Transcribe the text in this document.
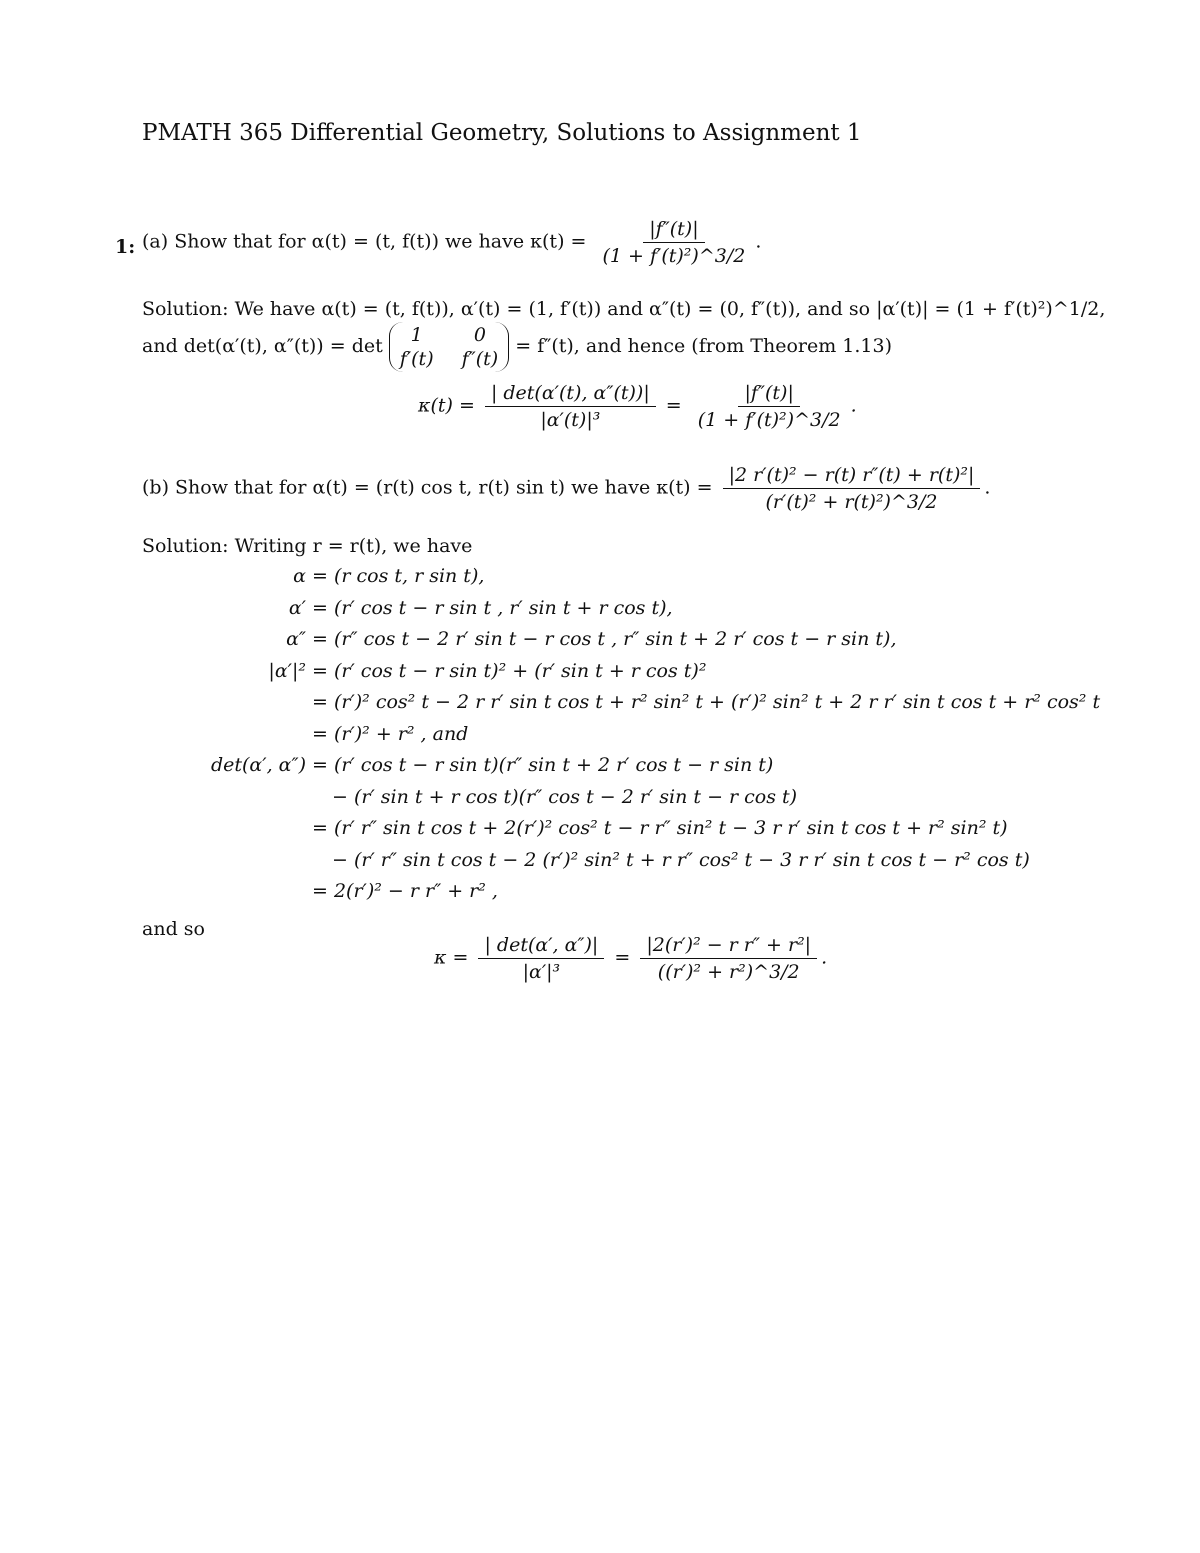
PMATH 365 Differential Geometry, Solutions to Assignment 1
1: (a) Show that for α(t) = (t, f(t)) we have $\kappa(t) = \frac{|f''(t)|}{\text{(1 + f′(t)²)\textasciicircum{}3/2}}$ .
Solution: We have α(t) = (t, f(t)), α′(t) = (1, f′(t)) and α″(t) = (0, f″(t)), and so |α′(t)| = (1 + f′(t)²)^1/2,
and det(α′(t), α″(t)) = det	1	0
f′(t) f″(t)
= f″(t), and hence (from Theorem 1.13)
$\kappa(t) = \frac{| \det(\alpha'(t), \alpha''(t))|}{\text{|α′(t)|³}} = \frac{|f''(t)|}{\text{(1 + f′(t)²)\textasciicircum{}3/2}}$ .
(b) Show that for α(t) = (r(t) cos t, r(t) sin t) we have $\kappa(t) = \frac{\text{|2 r′(t)² − r(t) r″(t) + r(t)²|}}{\text{(r′(t)² + r(t)²)\textasciicircum{}3/2}}$ .
Solution: Writing r = r(t), we have
α = (r cos t, r sin t),
α′ = (r′ cos t − r sin t , r′ sin t + r cos t),
α″ = (r″ cos t − 2 r′ sin t − r cos t , r″ sin t + 2 r′ cos t − r sin t),
|α′|² = (r′ cos t − r sin t)² + (r′ sin t + r cos t)²
= (r′)² cos² t − 2 r r′ sin t cos t + r² sin² t + (r′)² sin² t + 2 r r′ sin t cos t + r² cos² t
= (r′)² + r² , and
det(α′, α″) = (r′ cos t − r sin t)(r″ sin t + 2 r′ cos t − r sin t)
− (r′ sin t + r cos t)(r″ cos t − 2 r′ sin t − r cos t)
= (r′ r″ sin t cos t + 2(r′)² cos² t − r r″ sin² t − 3 r r′ sin t cos t + r² sin² t)
− (r′ r″ sin t cos t − 2 (r′)² sin² t + r r″ cos² t − 3 r r′ sin t cos t − r² cos t)
= 2(r′)² − r r″ + r² ,
and so
$\kappa = \frac{| \det(\alpha', \alpha'')|}{\text{|α′|³}} = \frac{\text{|2(r′)² − r r″ + r²|}}{\text{((r′)² + r²)\textasciicircum{}3/2}}$ .
